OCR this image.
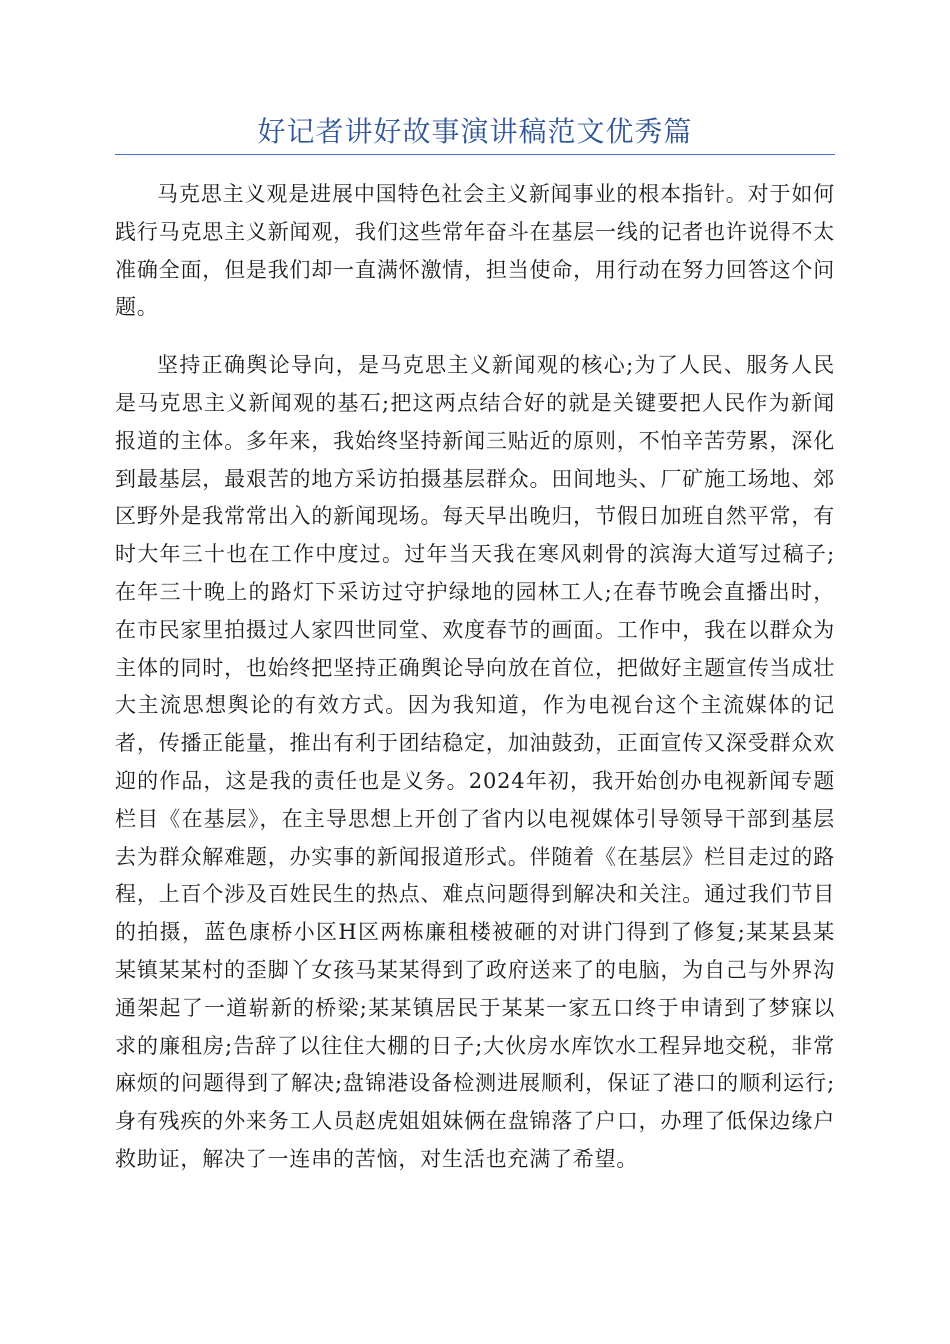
好记者讲好故事演讲稿范文优秀篇

马克思主义观是进展中国特色社会主义新闻事业的根本指针。对于如何践行马克思主义新闻观，我们这些常年奋斗在基层一线的记者也许说得不太准确全面，但是我们却一直满怀激情，担当使命，用行动在努力回答这个问题。

坚持正确舆论导向，是马克思主义新闻观的核心;为了人民、服务人民是马克思主义新闻观的基石;把这两点结合好的就是关键要把人民作为新闻报道的主体。多年来，我始终坚持新闻三贴近的原则，不怕辛苦劳累，深化到最基层，最艰苦的地方采访拍摄基层群众。田间地头、厂矿施工场地、郊区野外是我常常出入的新闻现场。每天早出晚归，节假日加班自然平常，有时大年三十也在工作中度过。过年当天我在寒风刺骨的滨海大道写过稿子;在年三十晚上的路灯下采访过守护绿地的园林工人;在春节晚会直播出时，在市民家里拍摄过人家四世同堂、欢度春节的画面。工作中，我在以群众为主体的同时，也始终把坚持正确舆论导向放在首位，把做好主题宣传当成壮大主流思想舆论的有效方式。因为我知道，作为电视台这个主流媒体的记者，传播正能量，推出有利于团结稳定，加油鼓劲，正面宣传又深受群众欢迎的作品，这是我的责任也是义务。2024年初，我开始创办电视新闻专题栏目《在基层》，在主导思想上开创了省内以电视媒体引导领导干部到基层去为群众解难题，办实事的新闻报道形式。伴随着《在基层》栏目走过的路程，上百个涉及百姓民生的热点、难点问题得到解决和关注。通过我们节目的拍摄，蓝色康桥小区H区两栋廉租楼被砸的对讲门得到了修复;某某县某某镇某某村的歪脚丫女孩马某某得到了政府送来了的电脑，为自己与外界沟通架起了一道崭新的桥梁;某某镇居民于某某一家五口终于申请到了梦寐以求的廉租房;告辞了以往住大棚的日子;大伙房水库饮水工程异地交税，非常麻烦的问题得到了解决;盘锦港设备检测进展顺利，保证了港口的顺利运行;身有残疾的外来务工人员赵虎姐姐妹俩在盘锦落了户口，办理了低保边缘户救助证，解决了一连串的苦恼，对生活也充满了希望。
